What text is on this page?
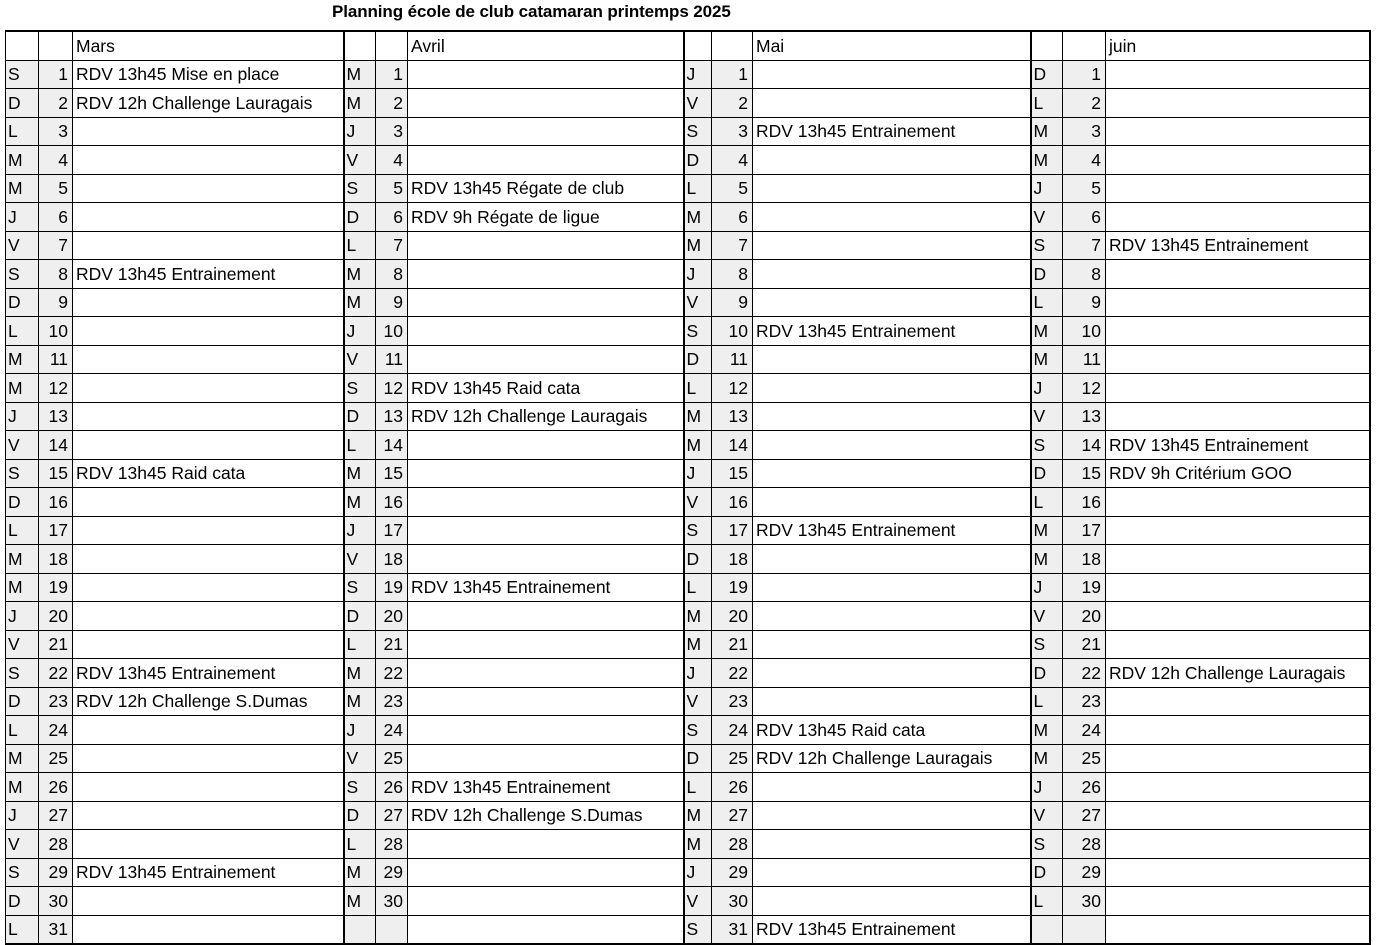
Planning école de club catamaran printemps 2025
		Mars			Avril			Mai			juin
S	1	RDV 13h45 Mise en place	M	1		J	1		D	1	
D	2	RDV 12h Challenge Lauragais	M	2		V	2		L	2	
L	3		J	3		S	3	RDV 13h45 Entrainement	M	3	
M	4		V	4		D	4		M	4	
M	5		S	5	RDV 13h45 Régate de club	L	5		J	5	
J	6		D	6	RDV 9h Régate de ligue	M	6		V	6	
V	7		L	7		M	7		S	7	RDV 13h45 Entrainement
S	8	RDV 13h45 Entrainement	M	8		J	8		D	8	
D	9		M	9		V	9		L	9	
L	10		J	10		S	10	RDV 13h45 Entrainement	M	10	
M	11		V	11		D	11		M	11	
M	12		S	12	RDV 13h45 Raid cata	L	12		J	12	
J	13		D	13	RDV 12h Challenge Lauragais	M	13		V	13	
V	14		L	14		M	14		S	14	RDV 13h45 Entrainement
S	15	RDV 13h45 Raid cata	M	15		J	15		D	15	RDV 9h Critérium GOO
D	16		M	16		V	16		L	16	
L	17		J	17		S	17	RDV 13h45 Entrainement	M	17	
M	18		V	18		D	18		M	18	
M	19		S	19	RDV 13h45 Entrainement	L	19		J	19	
J	20		D	20		M	20		V	20	
V	21		L	21		M	21		S	21	
S	22	RDV 13h45 Entrainement	M	22		J	22		D	22	RDV 12h Challenge Lauragais
D	23	RDV 12h Challenge S.Dumas	M	23		V	23		L	23	
L	24		J	24		S	24	RDV 13h45 Raid cata	M	24	
M	25		V	25		D	25	RDV 12h Challenge Lauragais	M	25	
M	26		S	26	RDV 13h45 Entrainement	L	26		J	26	
J	27		D	27	RDV 12h Challenge S.Dumas	M	27		V	27	
V	28		L	28		M	28		S	28	
S	29	RDV 13h45 Entrainement	M	29		J	29		D	29	
D	30		M	30		V	30		L	30	
L	31					S	31	RDV 13h45 Entrainement			
